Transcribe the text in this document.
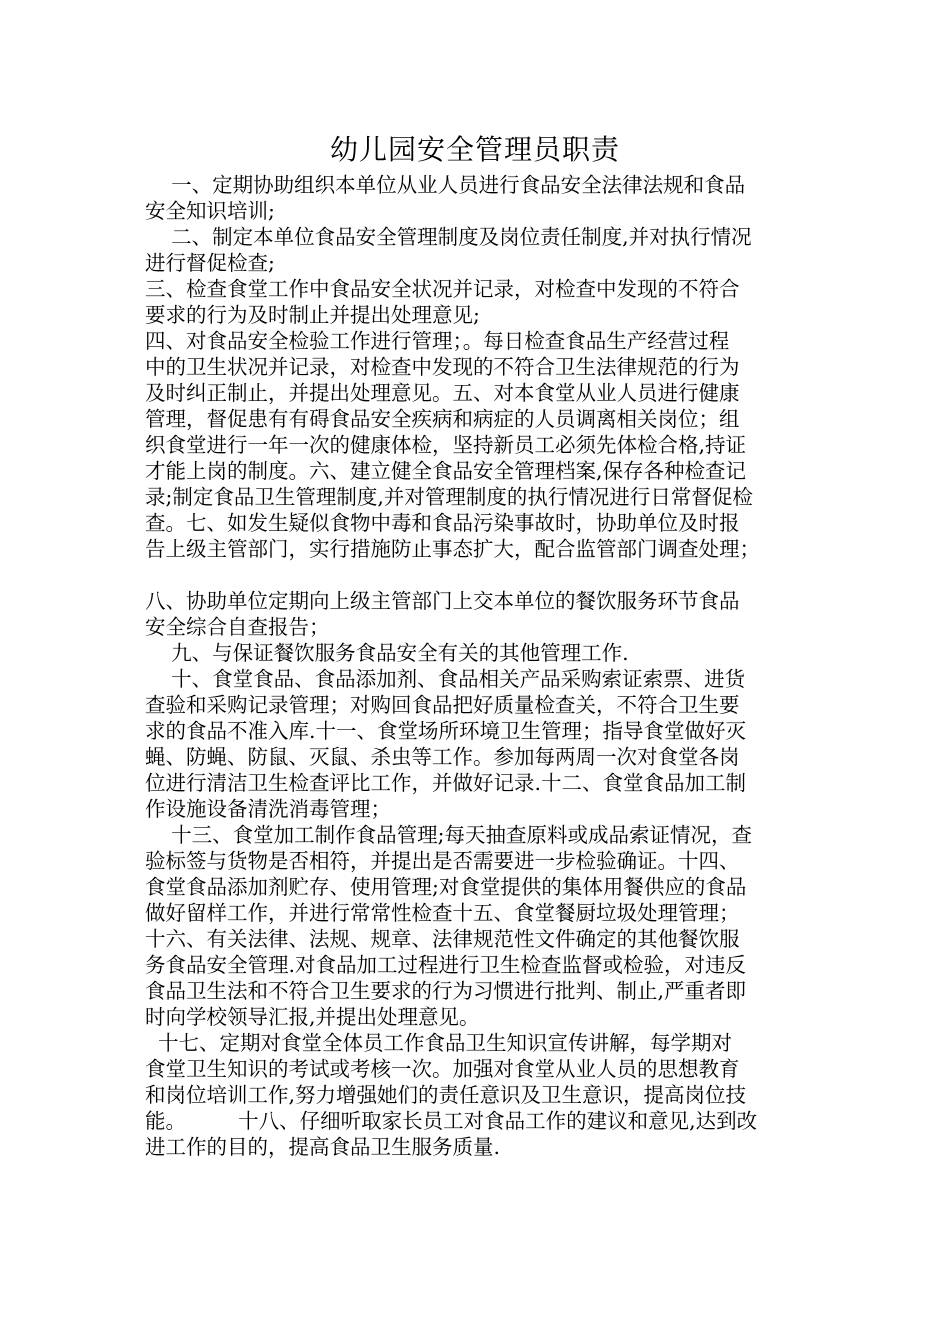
幼儿园安全管理员职责
一、定期协助组织本单位从业人员进行食品安全法律法规和食品
安全知识培训;
二、制定本单位食品安全管理制度及岗位责任制度,并对执行情况
进行督促检查;
三、检查食堂工作中食品安全状况并记录，对检查中发现的不符合
要求的行为及时制止并提出处理意见;
四、对食品安全检验工作进行管理；。每日检查食品生产经营过程
中的卫生状况并记录，对检查中发现的不符合卫生法律规范的行为
及时纠正制止，并提出处理意见。五、对本食堂从业人员进行健康
管理，督促患有有碍食品安全疾病和病症的人员调离相关岗位；组
织食堂进行一年一次的健康体检，坚持新员工必须先体检合格,持证
才能上岗的制度。六、建立健全食品安全管理档案,保存各种检查记
录;制定食品卫生管理制度,并对管理制度的执行情况进行日常督促检
查。七、如发生疑似食物中毒和食品污染事故时，协助单位及时报
告上级主管部门，实行措施防止事态扩大，配合监管部门调查处理；
八、协助单位定期向上级主管部门上交本单位的餐饮服务环节食品
安全综合自查报告；
九、与保证餐饮服务食品安全有关的其他管理工作.
十、食堂食品、食品添加剂、食品相关产品采购索证索票、进货
查验和采购记录管理；对购回食品把好质量检查关，不符合卫生要
求的食品不准入库.十一、食堂场所环境卫生管理；指导食堂做好灭
蝇、防蝇、防鼠、灭鼠、杀虫等工作。参加每两周一次对食堂各岗
位进行清洁卫生检查评比工作，并做好记录.十二、食堂食品加工制
作设施设备清洗消毒管理；
十三、食堂加工制作食品管理;每天抽查原料或成品索证情况，查
验标签与货物是否相符，并提出是否需要进一步检验确证。十四、
食堂食品添加剂贮存、使用管理;对食堂提供的集体用餐供应的食品
做好留样工作，并进行常常性检查十五、食堂餐厨垃圾处理管理；
十六、有关法律、法规、规章、法律规范性文件确定的其他餐饮服
务食品安全管理.对食品加工过程进行卫生检查监督或检验，对违反
食品卫生法和不符合卫生要求的行为习惯进行批判、制止,严重者即
时向学校领导汇报,并提出处理意见。
十七、定期对食堂全体员工作食品卫生知识宣传讲解，每学期对
食堂卫生知识的考试或考核一次。加强对食堂从业人员的思想教育
和岗位培训工作,努力增强她们的责任意识及卫生意识，提高岗位技
能。        十八、仔细听取家长员工对食品工作的建议和意见,达到改
进工作的目的，提高食品卫生服务质量.
